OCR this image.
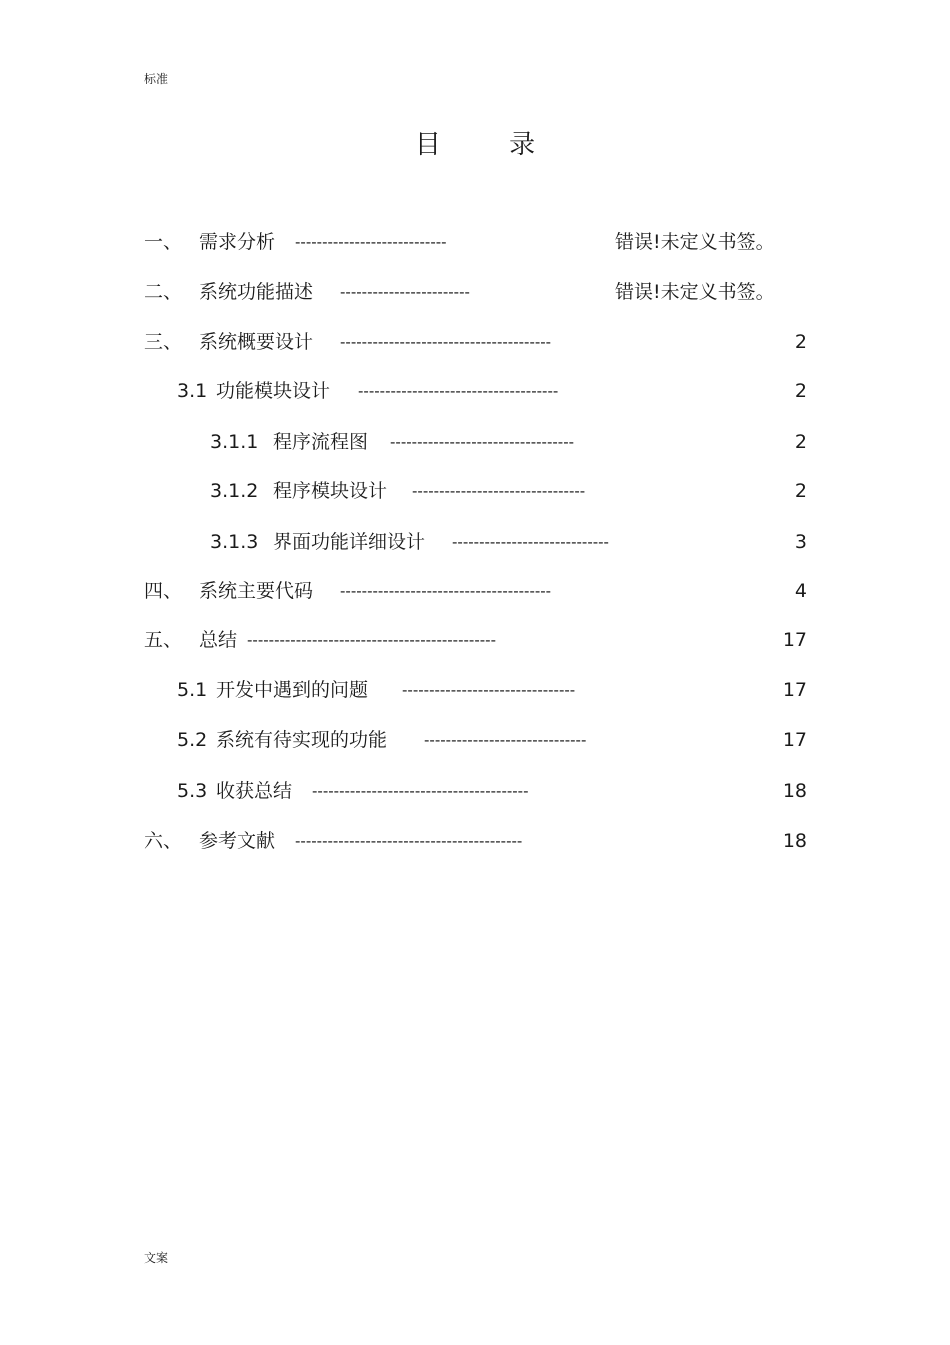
标准
目 录
一、 需求分析 ----------------------------	错误!未定义书签。
二、 系统功能描述 ------------------------	错误!未定义书签。
三、 系统概要设计 ---------------------------------------	2
3.1 功能模块设计 -------------------------------------	2
3.1.1 程序流程图 ----------------------------------	2
3.1.2 程序模块设计 --------------------------------	2
3.1.3 界面功能详细设计 -----------------------------	3
四、 系统主要代码 ---------------------------------------	4
五、 总结 ----------------------------------------------	17
5.1 开发中遇到的问题 --------------------------------	17
5.2 系统有待实现的功能 ------------------------------	17
5.3 收获总结 ----------------------------------------	18
六、 参考文献 ------------------------------------------	18
文案
